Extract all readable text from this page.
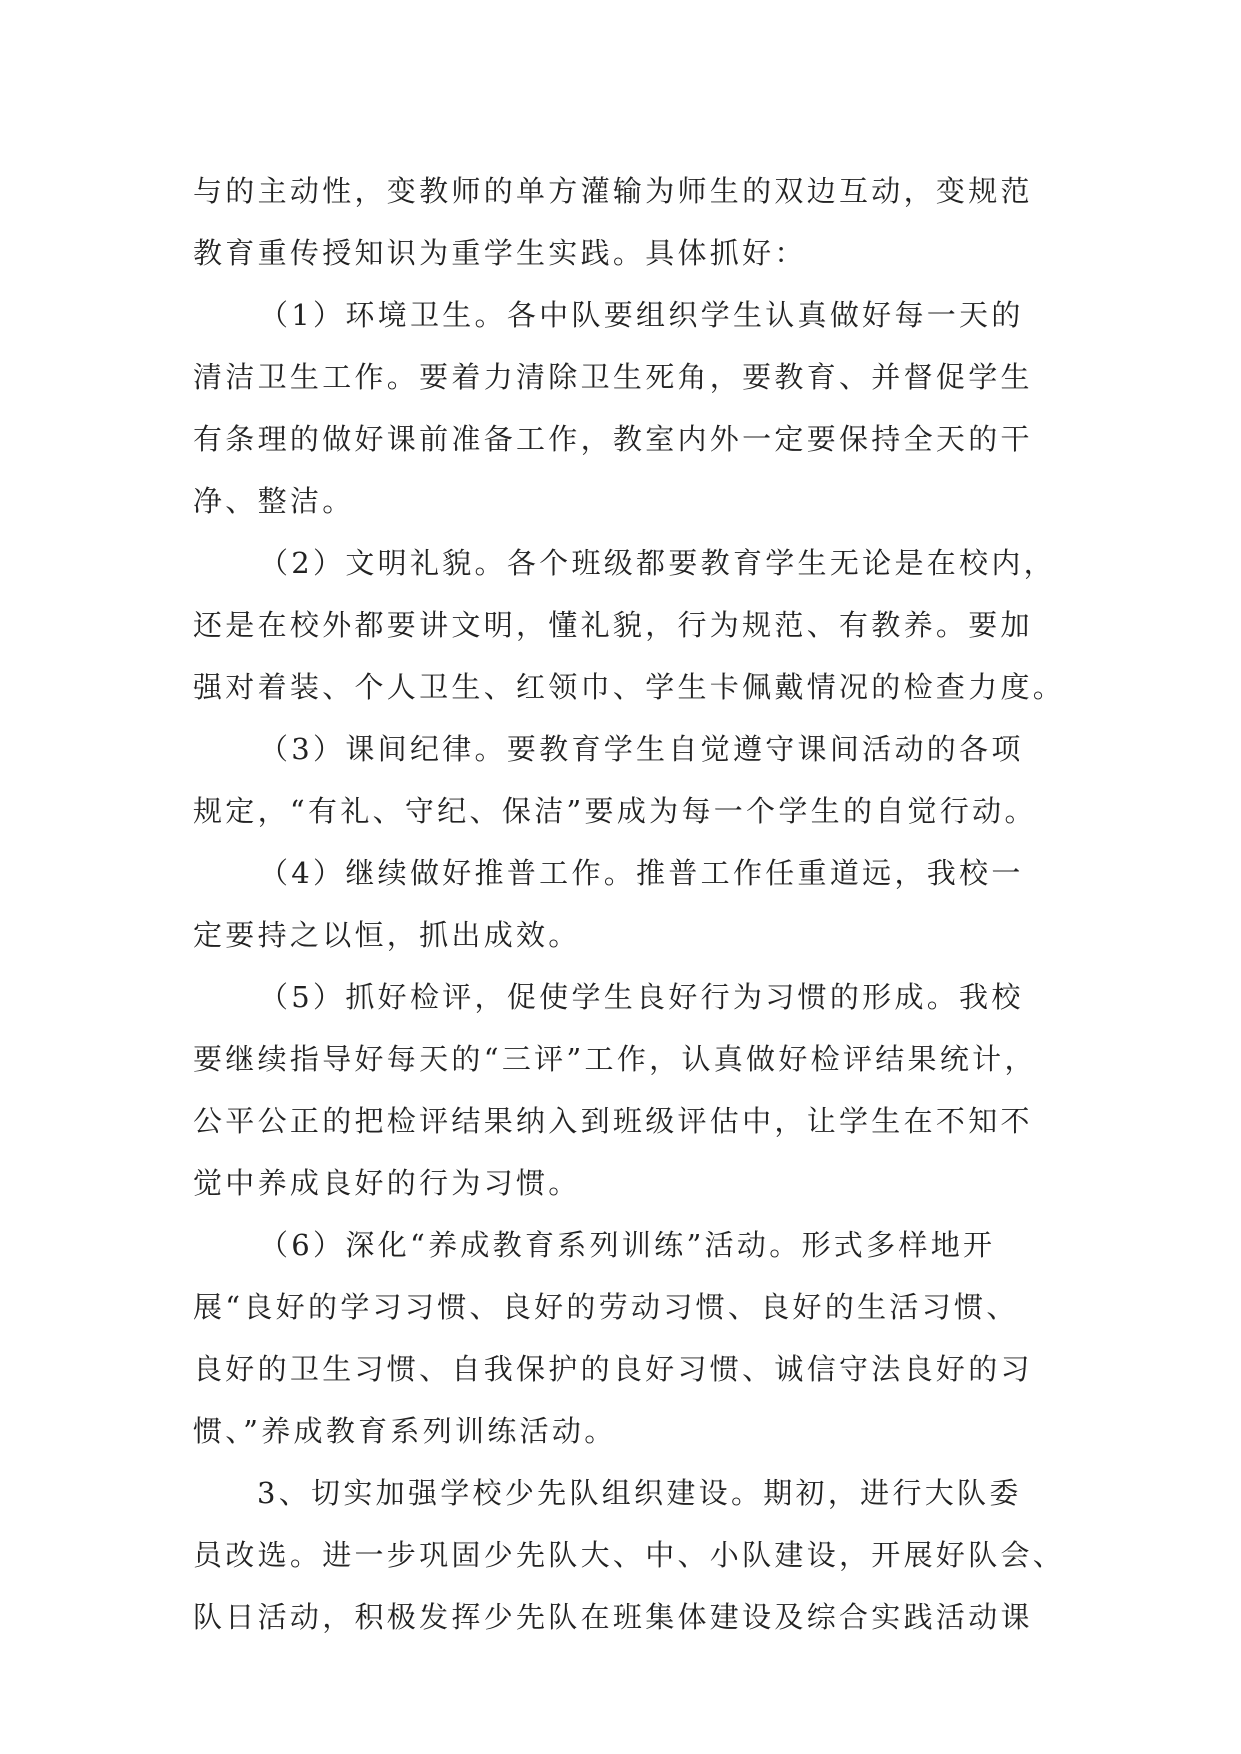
与的主动性，变教师的单方灌输为师生的双边互动，变规范
教育重传授知识为重学生实践。具体抓好：
（1）环境卫生。各中队要组织学生认真做好每一天的
清洁卫生工作。要着力清除卫生死角，要教育、并督促学生
有条理的做好课前准备工作，教室内外一定要保持全天的干
净、整洁。
（2）文明礼貌。各个班级都要教育学生无论是在校内，
还是在校外都要讲文明，懂礼貌，行为规范、有教养。要加
强对着装、个人卫生、红领巾、学生卡佩戴情况的检查力度。
（3）课间纪律。要教育学生自觉遵守课间活动的各项
规定，“有礼、守纪、保洁”要成为每一个学生的自觉行动。
（4）继续做好推普工作。推普工作任重道远，我校一
定要持之以恒，抓出成效。
（5）抓好检评，促使学生良好行为习惯的形成。我校
要继续指导好每天的“三评”工作，认真做好检评结果统计，
公平公正的把检评结果纳入到班级评估中，让学生在不知不
觉中养成良好的行为习惯。
（6）深化“养成教育系列训练”活动。形式多样地开
展“良好的学习习惯、良好的劳动习惯、良好的生活习惯、
良好的卫生习惯、自我保护的良好习惯、诚信守法良好的习
惯、”养成教育系列训练活动。
3、切实加强学校少先队组织建设。期初，进行大队委
员改选。进一步巩固少先队大、中、小队建设，开展好队会、
队日活动，积极发挥少先队在班集体建设及综合实践活动课
